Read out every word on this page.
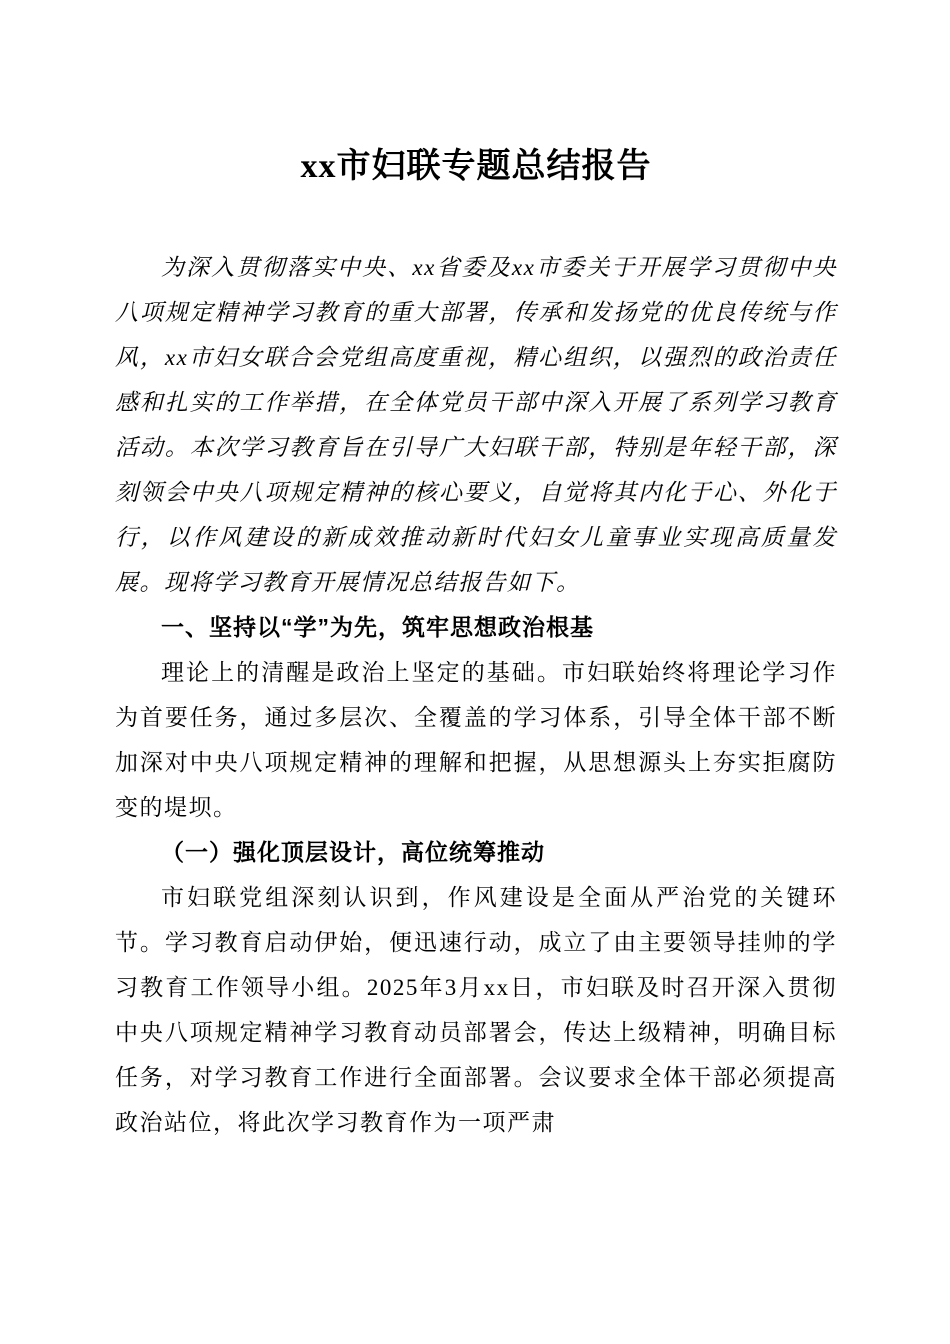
xx市妇联专题总结报告

为深入贯彻落实中央、xx省委及xx市委关于开展学习贯彻中央八项规定精神学习教育的重大部署，传承和发扬党的优良传统与作风，xx市妇女联合会党组高度重视，精心组织，以强烈的政治责任感和扎实的工作举措，在全体党员干部中深入开展了系列学习教育活动。本次学习教育旨在引导广大妇联干部，特别是年轻干部，深刻领会中央八项规定精神的核心要义，自觉将其内化于心、外化于行，以作风建设的新成效推动新时代妇女儿童事业实现高质量发展。现将学习教育开展情况总结报告如下。

一、坚持以“学”为先，筑牢思想政治根基

理论上的清醒是政治上坚定的基础。市妇联始终将理论学习作为首要任务，通过多层次、全覆盖的学习体系，引导全体干部不断加深对中央八项规定精神的理解和把握，从思想源头上夯实拒腐防变的堤坝。

（一）强化顶层设计，高位统筹推动

市妇联党组深刻认识到，作风建设是全面从严治党的关键环节。学习教育启动伊始，便迅速行动，成立了由主要领导挂帅的学习教育工作领导小组。2025年3月xx日，市妇联及时召开深入贯彻中央八项规定精神学习教育动员部署会，传达上级精神，明确目标任务，对学习教育工作进行全面部署。会议要求全体干部必须提高政治站位，将此次学习教育作为一项严肃
